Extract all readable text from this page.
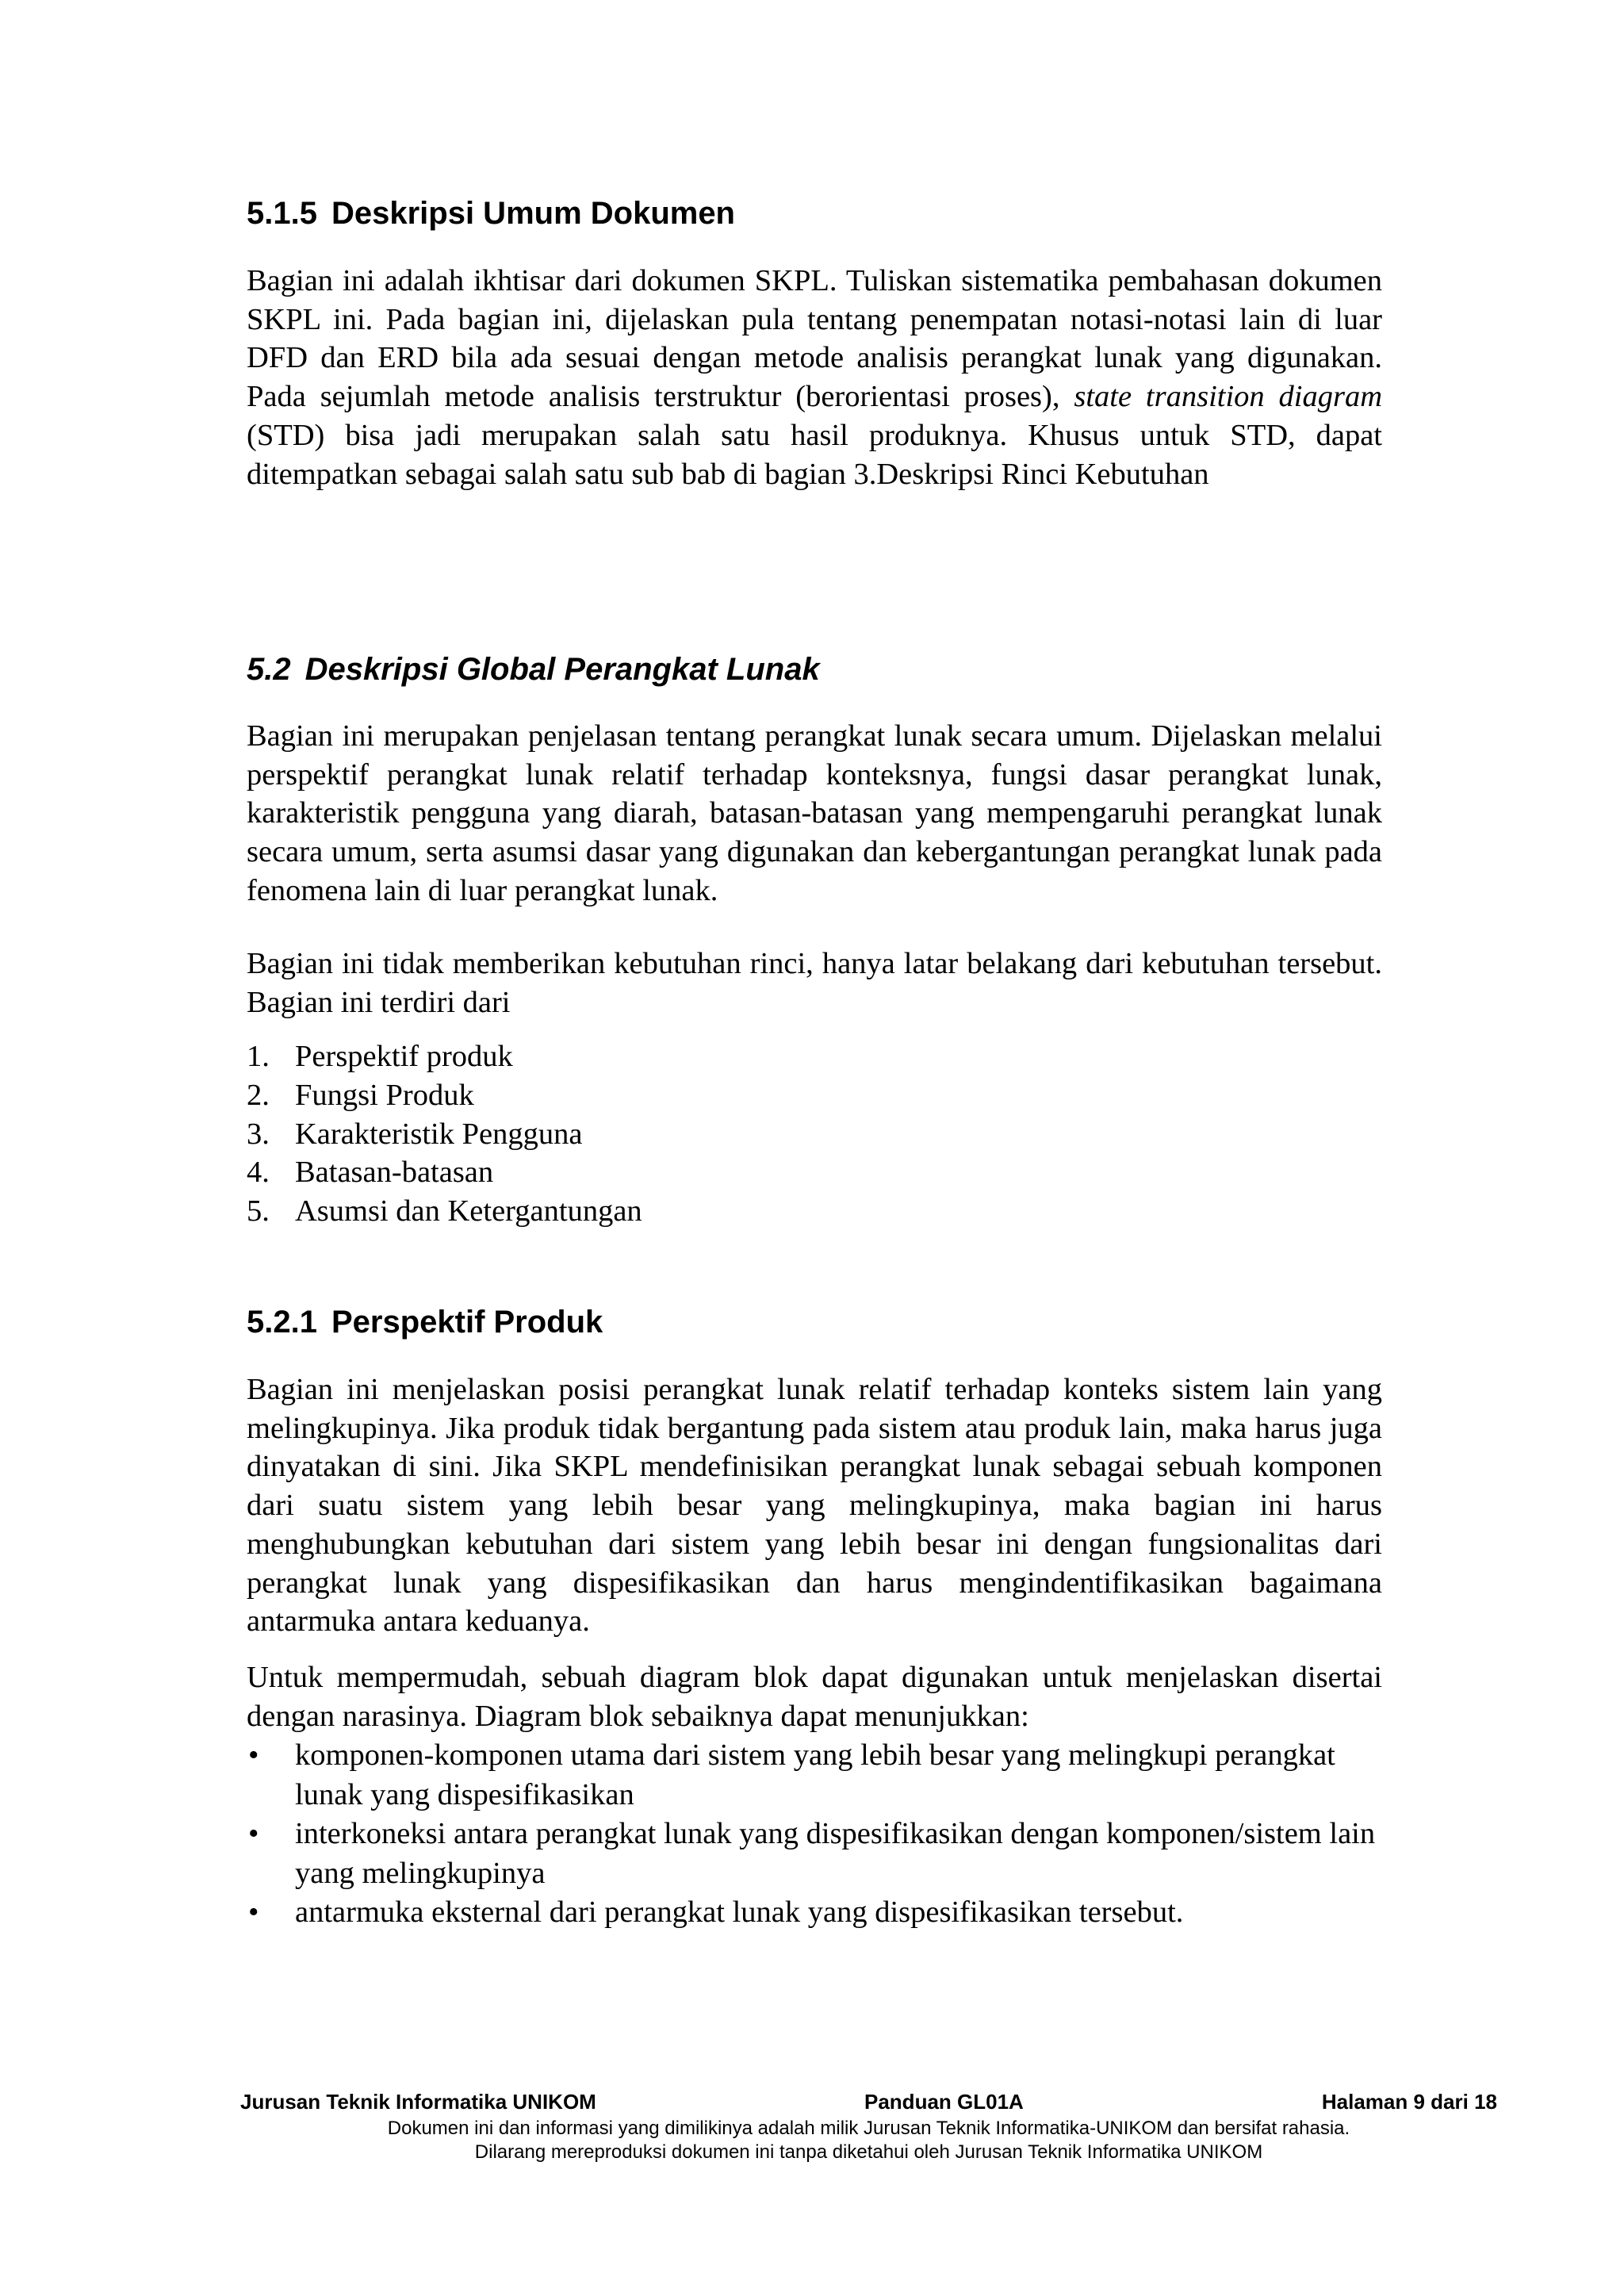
5.1.5 Deskripsi Umum Dokumen

Bagian ini adalah ikhtisar dari dokumen SKPL. Tuliskan sistematika pembahasan dokumen SKPL ini. Pada bagian ini, dijelaskan pula tentang penempatan notasi-notasi lain di luar DFD dan ERD bila ada sesuai dengan metode analisis perangkat lunak yang digunakan. Pada sejumlah metode analisis terstruktur (berorientasi proses), state transition diagram (STD) bisa jadi merupakan salah satu hasil produknya. Khusus untuk STD, dapat ditempatkan sebagai salah satu sub bab di bagian 3.Deskripsi Rinci Kebutuhan

5.2 Deskripsi Global Perangkat Lunak

Bagian ini merupakan penjelasan tentang perangkat lunak secara umum. Dijelaskan melalui perspektif perangkat lunak relatif terhadap konteksnya, fungsi dasar perangkat lunak, karakteristik pengguna yang diarah, batasan-batasan yang mempengaruhi perangkat lunak secara umum, serta asumsi dasar yang digunakan dan kebergantungan perangkat lunak pada fenomena lain di luar perangkat lunak.

Bagian ini tidak memberikan kebutuhan rinci, hanya latar belakang dari kebutuhan tersebut. Bagian ini terdiri dari

1. Perspektif produk
2. Fungsi Produk
3. Karakteristik Pengguna
4. Batasan-batasan
5. Asumsi dan Ketergantungan
5.2.1 Perspektif Produk

Bagian ini menjelaskan posisi perangkat lunak relatif terhadap konteks sistem lain yang melingkupinya. Jika produk tidak bergantung pada sistem atau produk lain, maka harus juga dinyatakan di sini. Jika SKPL mendefinisikan perangkat lunak sebagai sebuah komponen dari suatu sistem yang lebih besar yang melingkupinya, maka bagian ini harus menghubungkan kebutuhan dari sistem yang lebih besar ini dengan fungsionalitas dari perangkat lunak yang dispesifikasikan dan harus mengindentifikasikan bagaimana antarmuka antara keduanya.

Untuk mempermudah, sebuah diagram blok dapat digunakan untuk menjelaskan disertai dengan narasinya. Diagram blok sebaiknya dapat menunjukkan:

• komponen-komponen utama dari sistem yang lebih besar yang melingkupi perangkat lunak yang dispesifikasikan
• interkoneksi antara perangkat lunak yang dispesifikasikan dengan komponen/sistem lain yang melingkupinya
• antarmuka eksternal dari perangkat lunak yang dispesifikasikan tersebut.
Jurusan Teknik Informatika UNIKOM	Panduan GL01A	Halaman 9 dari 18
Dokumen ini dan informasi yang dimilikinya adalah milik Jurusan Teknik Informatika-UNIKOM dan bersifat rahasia.
Dilarang mereproduksi dokumen ini tanpa diketahui oleh Jurusan Teknik Informatika UNIKOM
